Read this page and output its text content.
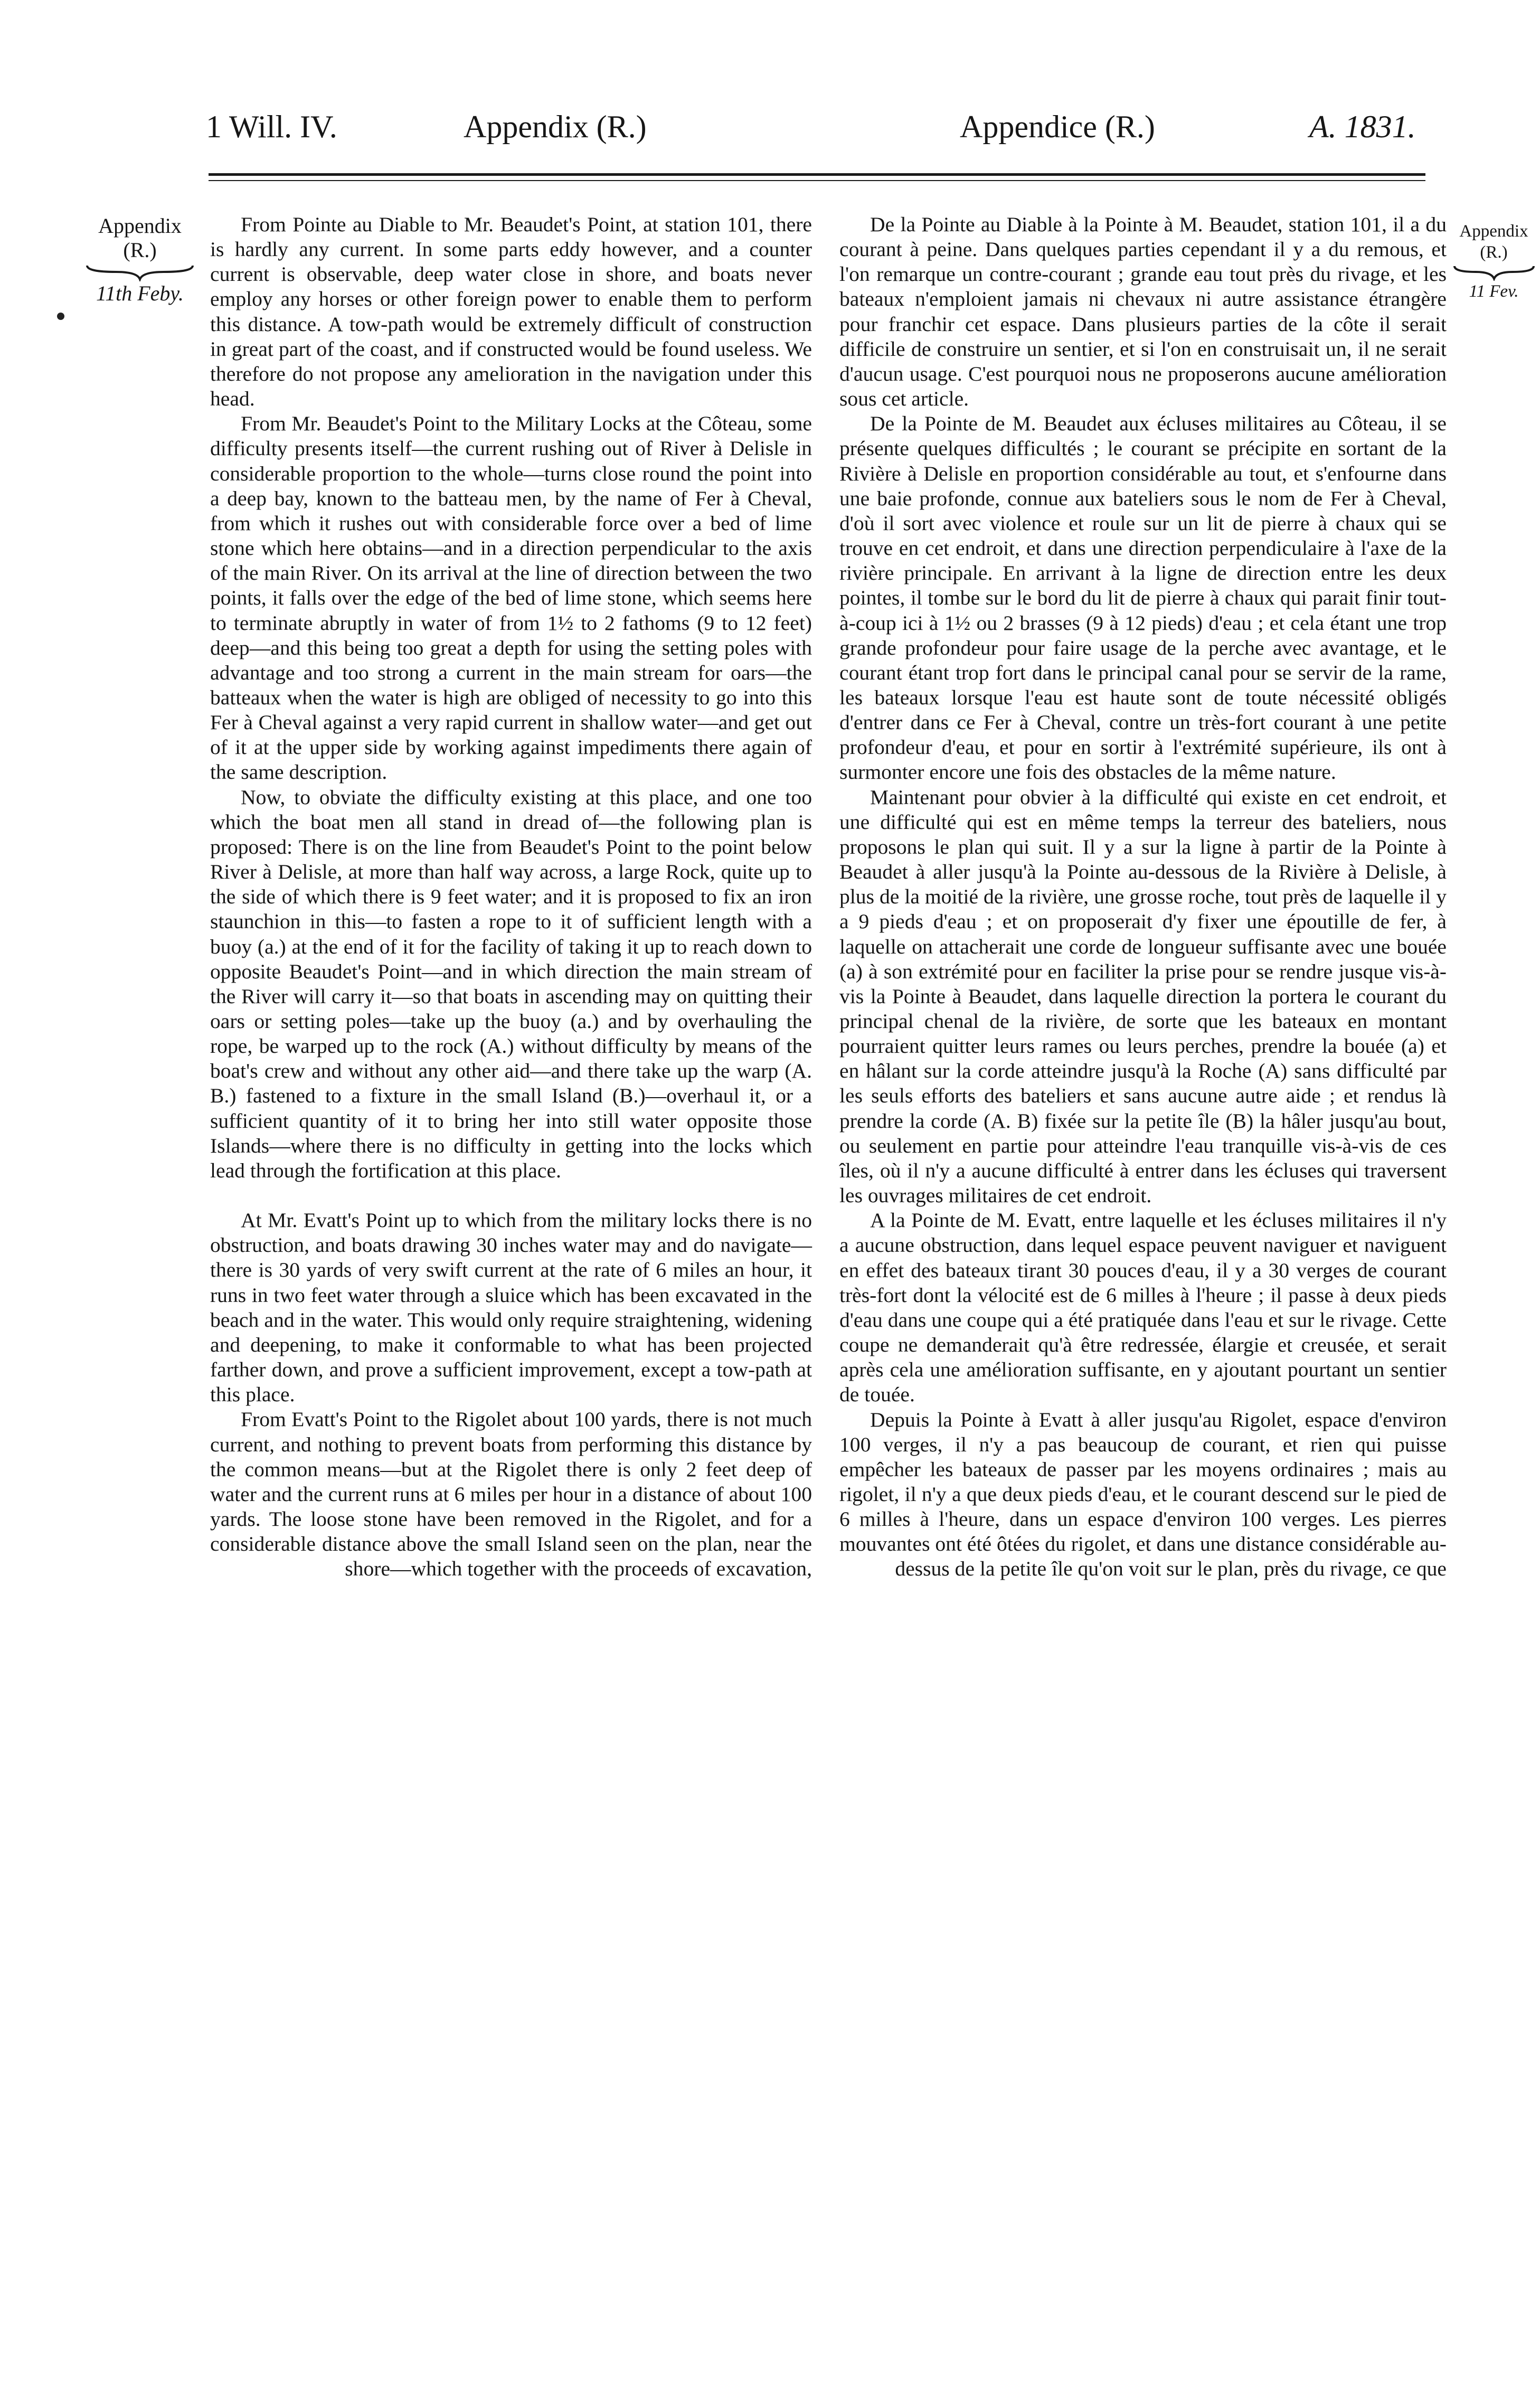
1 Will. IV.	Appendix (R.)	Appendice (R.)	A. 1831.
Appendix
(R.)
11th Feby.
Appendix
(R.)
11 Fev.

From Pointe au Diable to Mr. Beaudet's Point, at station 101, there is hardly any current. In some parts eddy however, and a counter current is observable, deep water close in shore, and boats never employ any horses or other foreign power to enable them to perform this distance. A tow-path would be extremely difficult of construction in great part of the coast, and if constructed would be found useless. We therefore do not propose any amelioration in the navigation under this head.

From Mr. Beaudet's Point to the Military Locks at the Côteau, some difficulty presents itself—the current rushing out of River à Delisle in considerable proportion to the whole—turns close round the point into a deep bay, known to the batteau men, by the name of Fer à Cheval, from which it rushes out with considerable force over a bed of lime stone which here obtains—and in a direction perpendicular to the axis of the main River. On its arrival at the line of direction between the two points, it falls over the edge of the bed of lime stone, which seems here to terminate abruptly in water of from 1½ to 2 fathoms (9 to 12 feet) deep—and this being too great a depth for using the setting poles with advantage and too strong a current in the main stream for oars—the batteaux when the water is high are obliged of necessity to go into this Fer à Cheval against a very rapid current in shallow water—and get out of it at the upper side by working against impediments there again of the same description.

Now, to obviate the difficulty existing at this place, and one too which the boat men all stand in dread of—the following plan is proposed: There is on the line from Beaudet's Point to the point below River à Delisle, at more than half way across, a large Rock, quite up to the side of which there is 9 feet water; and it is proposed to fix an iron staunchion in this—to fasten a rope to it of sufficient length with a buoy (a.) at the end of it for the facility of taking it up to reach down to opposite Beaudet's Point—and in which direction the main stream of the River will carry it—so that boats in ascending may on quitting their oars or setting poles—take up the buoy (a.) and by overhauling the rope, be warped up to the rock (A.) without difficulty by means of the boat's crew and without any other aid—and there take up the warp (A. B.) fastened to a fixture in the small Island (B.)—overhaul it, or a sufficient quantity of it to bring her into still water opposite those Islands—where there is no difficulty in getting into the locks which lead through the fortification at this place.

At Mr. Evatt's Point up to which from the military locks there is no obstruction, and boats drawing 30 inches water may and do navigate—there is 30 yards of very swift current at the rate of 6 miles an hour, it runs in two feet water through a sluice which has been excavated in the beach and in the water. This would only require straightening, widening and deepening, to make it conformable to what has been projected farther down, and prove a sufficient improvement, except a tow-path at this place.

From Evatt's Point to the Rigolet about 100 yards, there is not much current, and nothing to prevent boats from performing this distance by the common means—but at the Rigolet there is only 2 feet deep of water and the current runs at 6 miles per hour in a distance of about 100 yards. The loose stone have been removed in the Rigolet, and for a considerable distance above the small Island seen on the plan, near the shore—which together with the proceeds of excavation,

De la Pointe au Diable à la Pointe à M. Beaudet, station 101, il a du courant à peine. Dans quelques parties cependant il y a du remous, et l'on remarque un contre-courant ; grande eau tout près du rivage, et les bateaux n'emploient jamais ni chevaux ni autre assistance étrangère pour franchir cet espace. Dans plusieurs parties de la côte il serait difficile de construire un sentier, et si l'on en construisait un, il ne serait d'aucun usage. C'est pourquoi nous ne proposerons aucune amélioration sous cet article.

De la Pointe de M. Beaudet aux écluses militaires au Côteau, il se présente quelques difficultés ; le courant se précipite en sortant de la Rivière à Delisle en proportion considérable au tout, et s'enfourne dans une baie profonde, connue aux bateliers sous le nom de Fer à Cheval, d'où il sort avec violence et roule sur un lit de pierre à chaux qui se trouve en cet endroit, et dans une direction perpendiculaire à l'axe de la rivière principale. En arrivant à la ligne de direction entre les deux pointes, il tombe sur le bord du lit de pierre à chaux qui parait finir tout-à-coup ici à 1½ ou 2 brasses (9 à 12 pieds) d'eau ; et cela étant une trop grande profondeur pour faire usage de la perche avec avantage, et le courant étant trop fort dans le principal canal pour se servir de la rame, les bateaux lorsque l'eau est haute sont de toute nécessité obligés d'entrer dans ce Fer à Cheval, contre un très-fort courant à une petite profondeur d'eau, et pour en sortir à l'extrémité supérieure, ils ont à surmonter encore une fois des obstacles de la même nature.

Maintenant pour obvier à la difficulté qui existe en cet endroit, et une difficulté qui est en même temps la terreur des bateliers, nous proposons le plan qui suit. Il y a sur la ligne à partir de la Pointe à Beaudet à aller jusqu'à la Pointe au-dessous de la Rivière à Delisle, à plus de la moitié de la rivière, une grosse roche, tout près de laquelle il y a 9 pieds d'eau ; et on proposerait d'y fixer une époutille de fer, à laquelle on attacherait une corde de longueur suffisante avec une bouée (a) à son extrémité pour en faciliter la prise pour se rendre jusque vis-à-vis la Pointe à Beaudet, dans laquelle direction la portera le courant du principal chenal de la rivière, de sorte que les bateaux en montant pourraient quitter leurs rames ou leurs perches, prendre la bouée (a) et en hâlant sur la corde atteindre jusqu'à la Roche (A) sans difficulté par les seuls efforts des bateliers et sans aucune autre aide ; et rendus là prendre la corde (A. B) fixée sur la petite île (B) la hâler jusqu'au bout, ou seulement en partie pour atteindre l'eau tranquille vis-à-vis de ces îles, où il n'y a aucune difficulté à entrer dans les écluses qui traversent les ouvrages militaires de cet endroit.

A la Pointe de M. Evatt, entre laquelle et les écluses militaires il n'y a aucune obstruction, dans lequel espace peuvent naviguer et naviguent en effet des bateaux tirant 30 pouces d'eau, il y a 30 verges de courant très-fort dont la vélocité est de 6 milles à l'heure ; il passe à deux pieds d'eau dans une coupe qui a été pratiquée dans l'eau et sur le rivage. Cette coupe ne demanderait qu'à être redressée, élargie et creusée, et serait après cela une amélioration suffisante, en y ajoutant pourtant un sentier de touée.

Depuis la Pointe à Evatt à aller jusqu'au Rigolet, espace d'environ 100 verges, il n'y a pas beaucoup de courant, et rien qui puisse empêcher les bateaux de passer par les moyens ordinaires ; mais au rigolet, il n'y a que deux pieds d'eau, et le courant descend sur le pied de 6 milles à l'heure, dans un espace d'environ 100 verges. Les pierres mouvantes ont été ôtées du rigolet, et dans une distance considérable au-dessus de la petite île qu'on voit sur le plan, près du rivage, ce que
